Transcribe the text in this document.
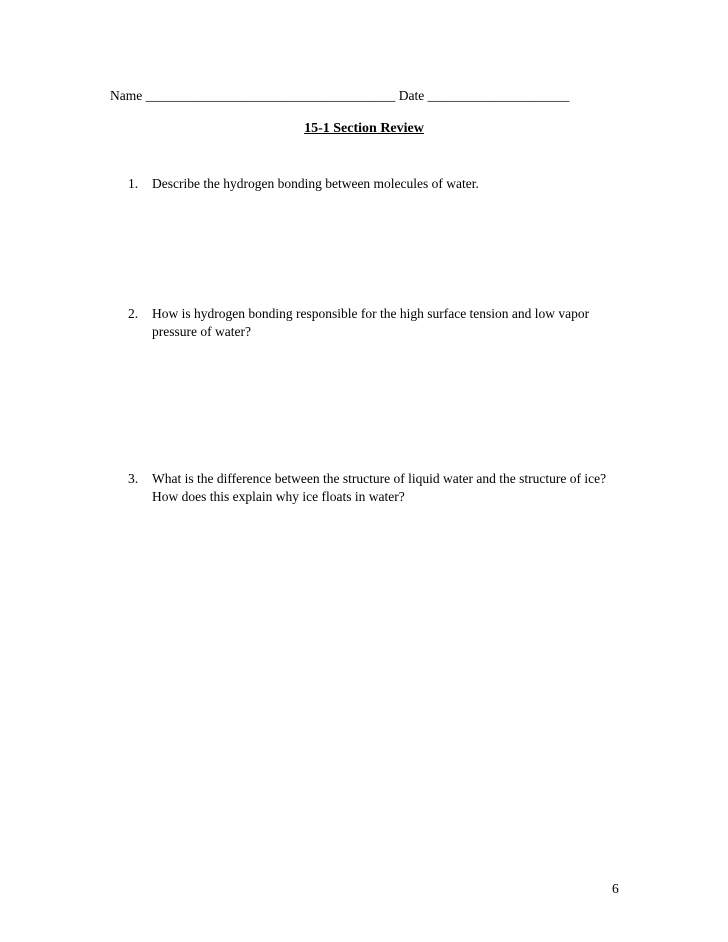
Name _____________________________________ Date _____________________
15-1 Section Review
1.	Describe the hydrogen bonding between molecules of water.
2.	How is hydrogen bonding responsible for the high surface tension and low vapor pressure of water?
3.	What is the difference between the structure of liquid water and the structure of ice? How does this explain why ice floats in water?
6
